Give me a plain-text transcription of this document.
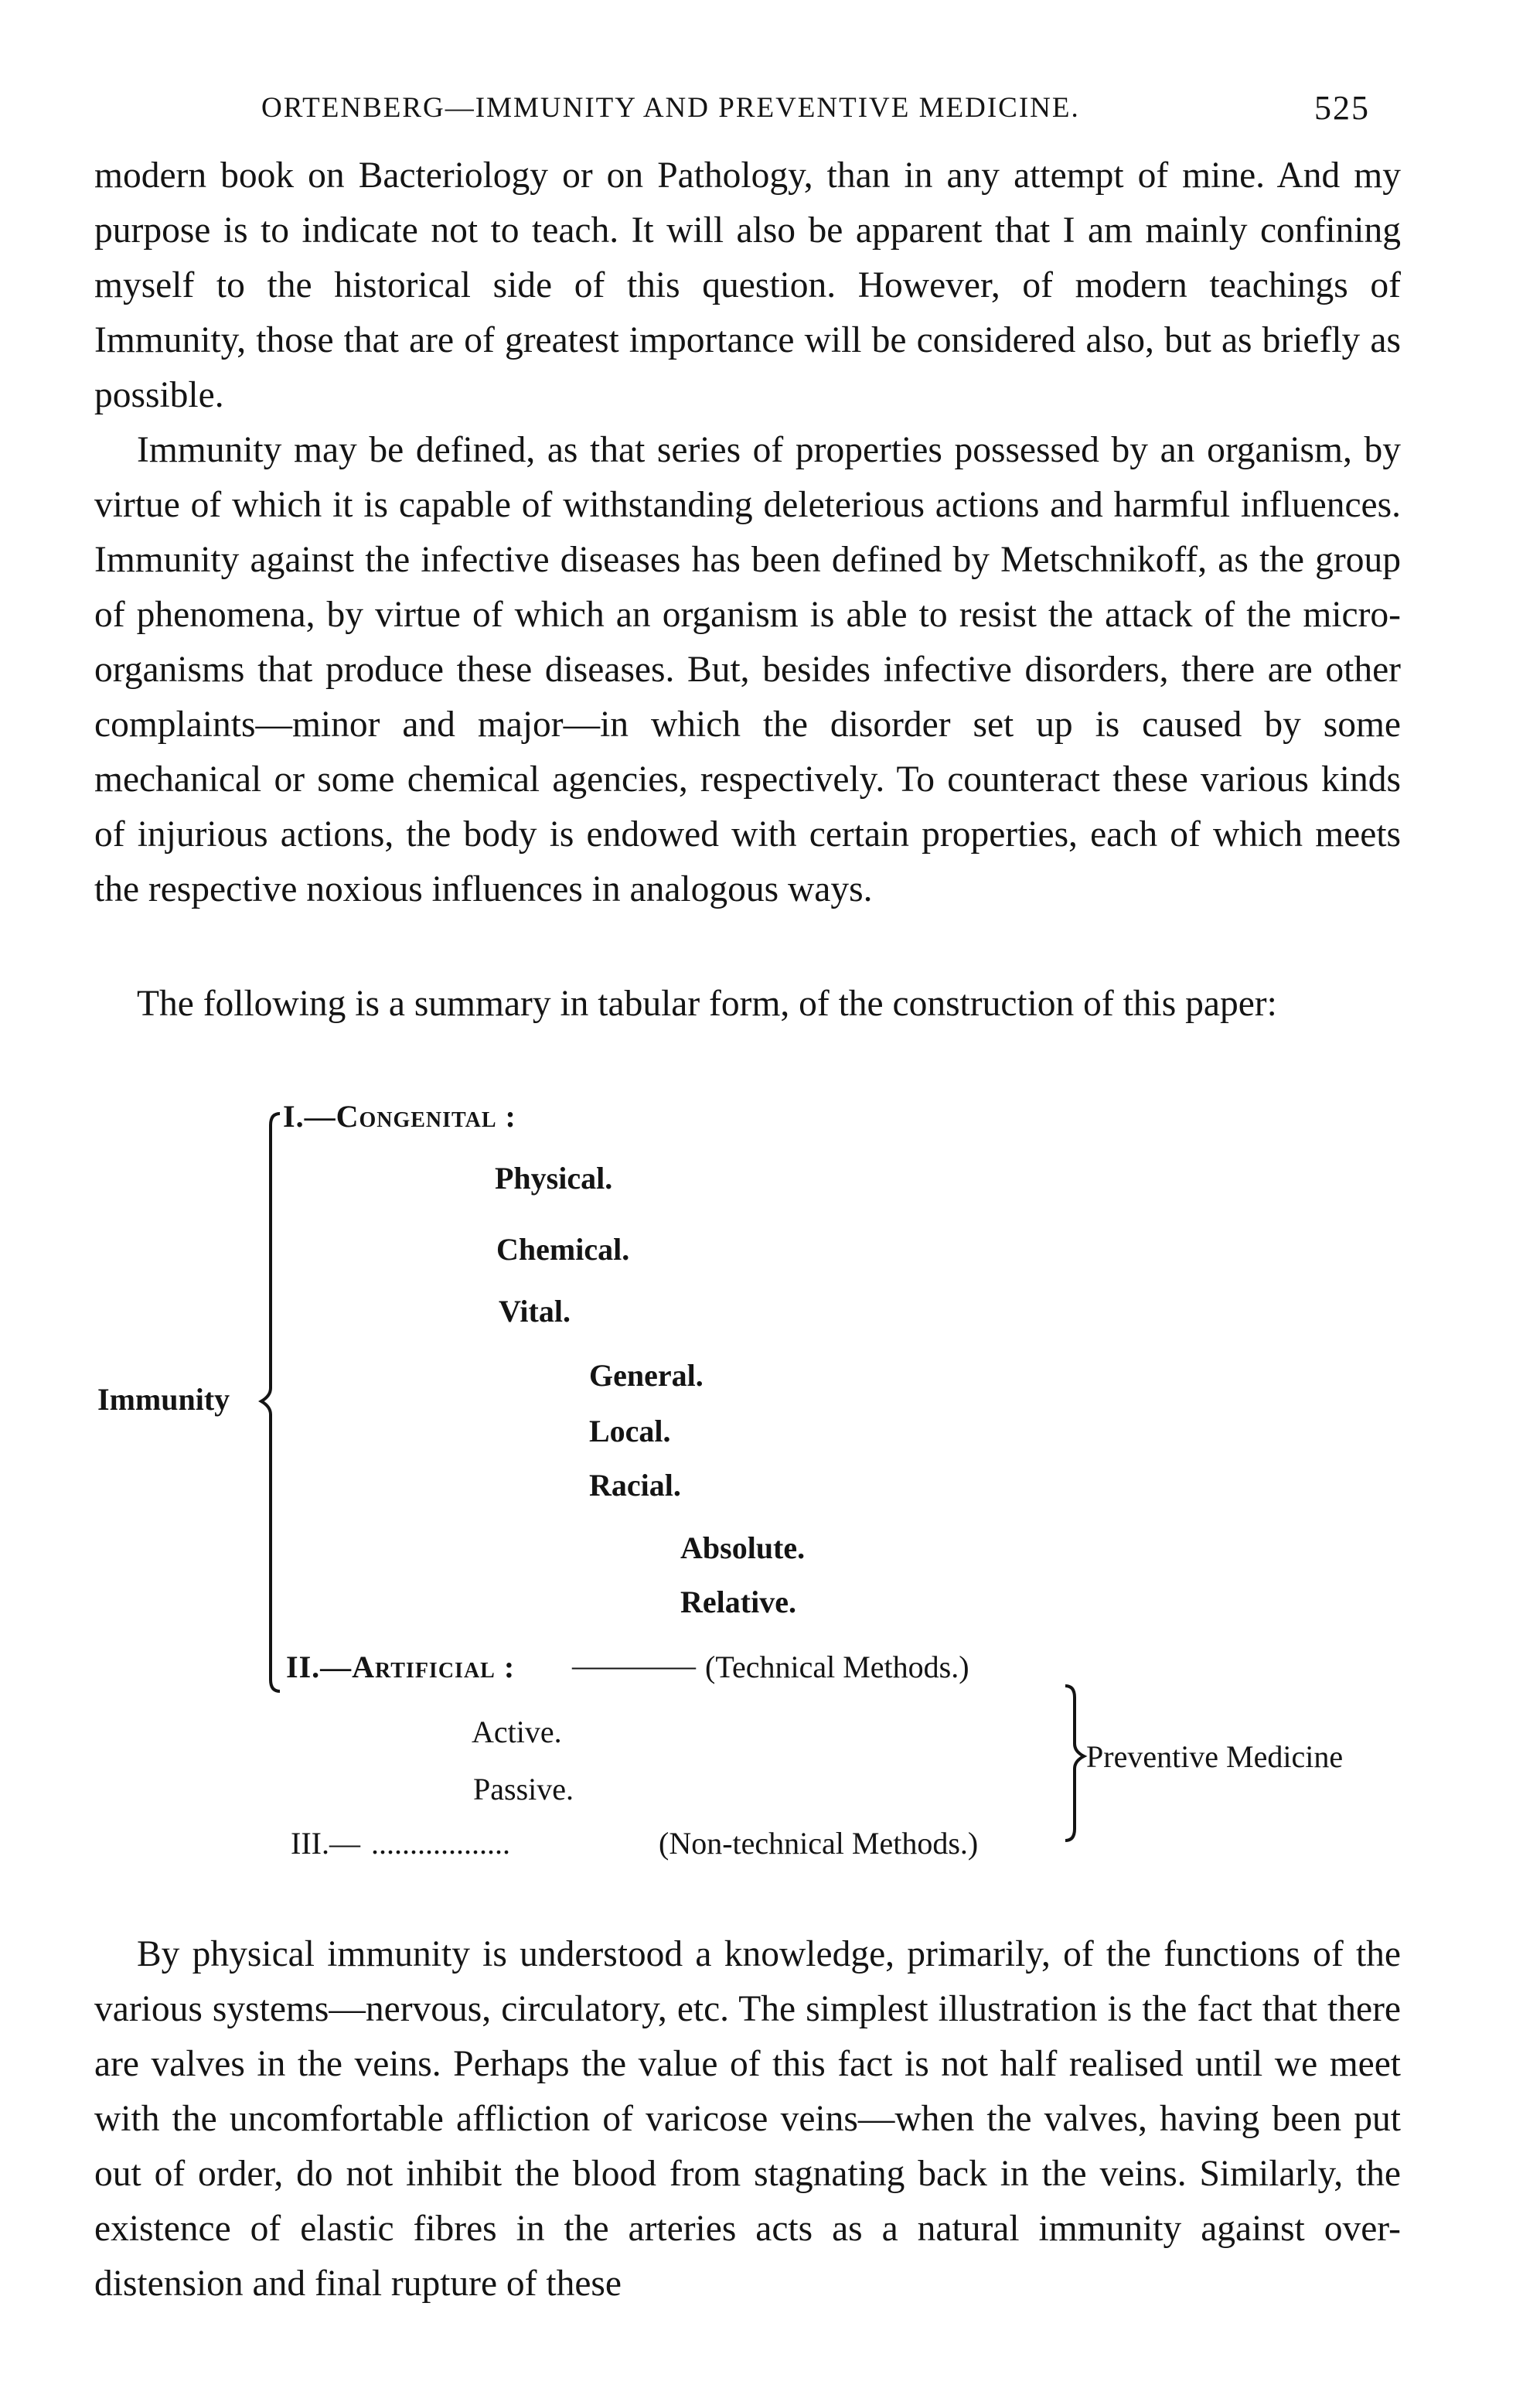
ORTENBERG—IMMUNITY AND PREVENTIVE MEDICINE.	525

modern book on Bacteriology or on Pathology, than in any attempt of mine. And my purpose is to indicate not to teach. It will also be apparent that I am mainly confining myself to the historical side of this question. However, of modern teachings of Immunity, those that are of greatest importance will be considered also, but as briefly as possible.

Immunity may be defined, as that series of properties possessed by an organism, by virtue of which it is capable of withstanding deleterious actions and harmful influences. Immunity against the infective diseases has been defined by Metschnikoff, as the group of phenomena, by virtue of which an organism is able to resist the attack of the micro-organisms that produce these diseases. But, besides infective disorders, there are other complaints—minor and major—in which the disorder set up is caused by some mechanical or some chemical agencies, respectively. To counteract these various kinds of injurious actions, the body is endowed with certain properties, each of which meets the respective noxious influences in analogous ways.

The following is a summary in tabular form, of the construction of this paper:

Immunity
I.—Congenital :
Physical.
Chemical.
Vital.
General.
Local.
Racial.
Absolute.
Relative.
II.—Artificial : ———— (Technical Methods.)
Active.
Passive.
Preventive Medicine
III.— ..................	(Non-technical Methods.)

By physical immunity is understood a knowledge, primarily, of the functions of the various systems—nervous, circulatory, etc. The simplest illustration is the fact that there are valves in the veins. Perhaps the value of this fact is not half realised until we meet with the uncomfortable affliction of varicose veins—when the valves, having been put out of order, do not inhibit the blood from stagnating back in the veins. Similarly, the existence of elastic fibres in the arteries acts as a natural immunity against over-distension and final rupture of these
